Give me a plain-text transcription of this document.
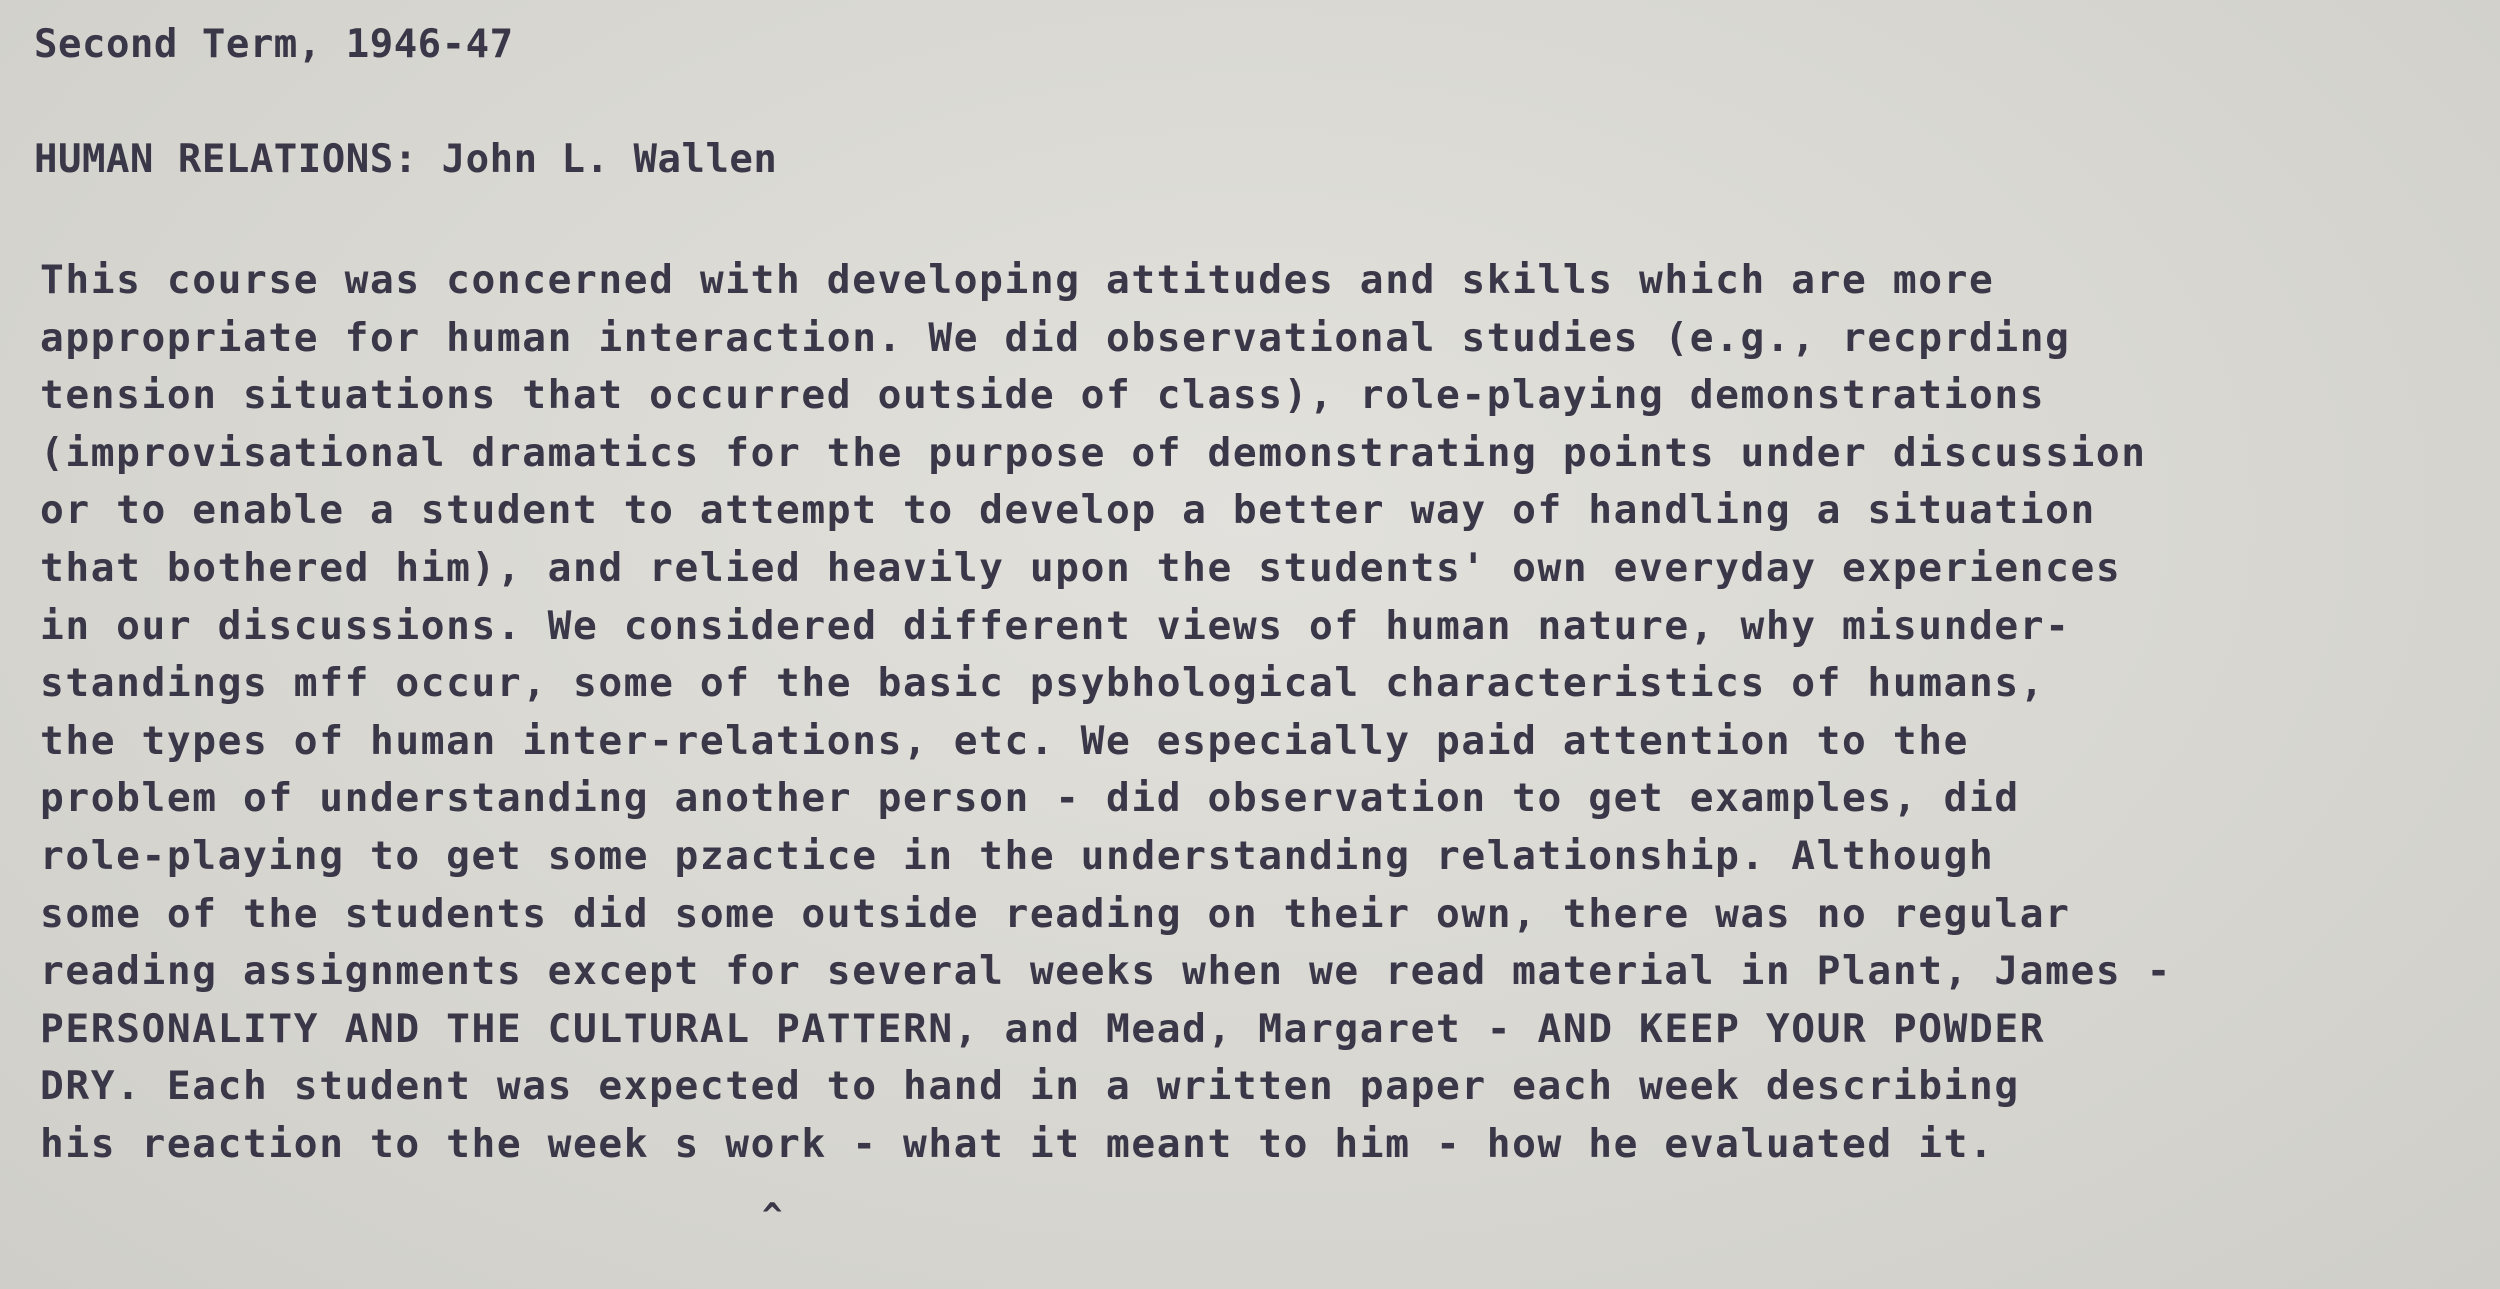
Second Term, 1946-47
HUMAN RELATIONS: John L. Wallen
This course was concerned with developing attitudes and skills which are more
appropriate for human interaction. We did observational studies (e.g., recprding
tension situations that occurred outside of class), role-playing demonstrations
(improvisational dramatics for the purpose of demonstrating points under discussion
or to enable a student to attempt to develop a better way of handling a situation
that bothered him), and relied heavily upon the students' own everyday experiences
in our discussions. We considered different views of human nature, why misunder-
standings mff occur, some of the basic psybhological characteristics of humans,
the types of human inter-relations, etc. We especially paid attention to the
problem of understanding another person - did observation to get examples, did
role-playing to get some pzactice in the understanding relationship. Although
some of the students did some outside reading on their own, there was no regular
reading assignments except for several weeks when we read material in Plant, James -
PERSONALITY AND THE CULTURAL PATTERN, and Mead, Margaret - AND KEEP YOUR POWDER
DRY. Each student was expected to hand in a written paper each week describing
his reaction to the week s work - what it meant to him - how he evaluated it.
^
